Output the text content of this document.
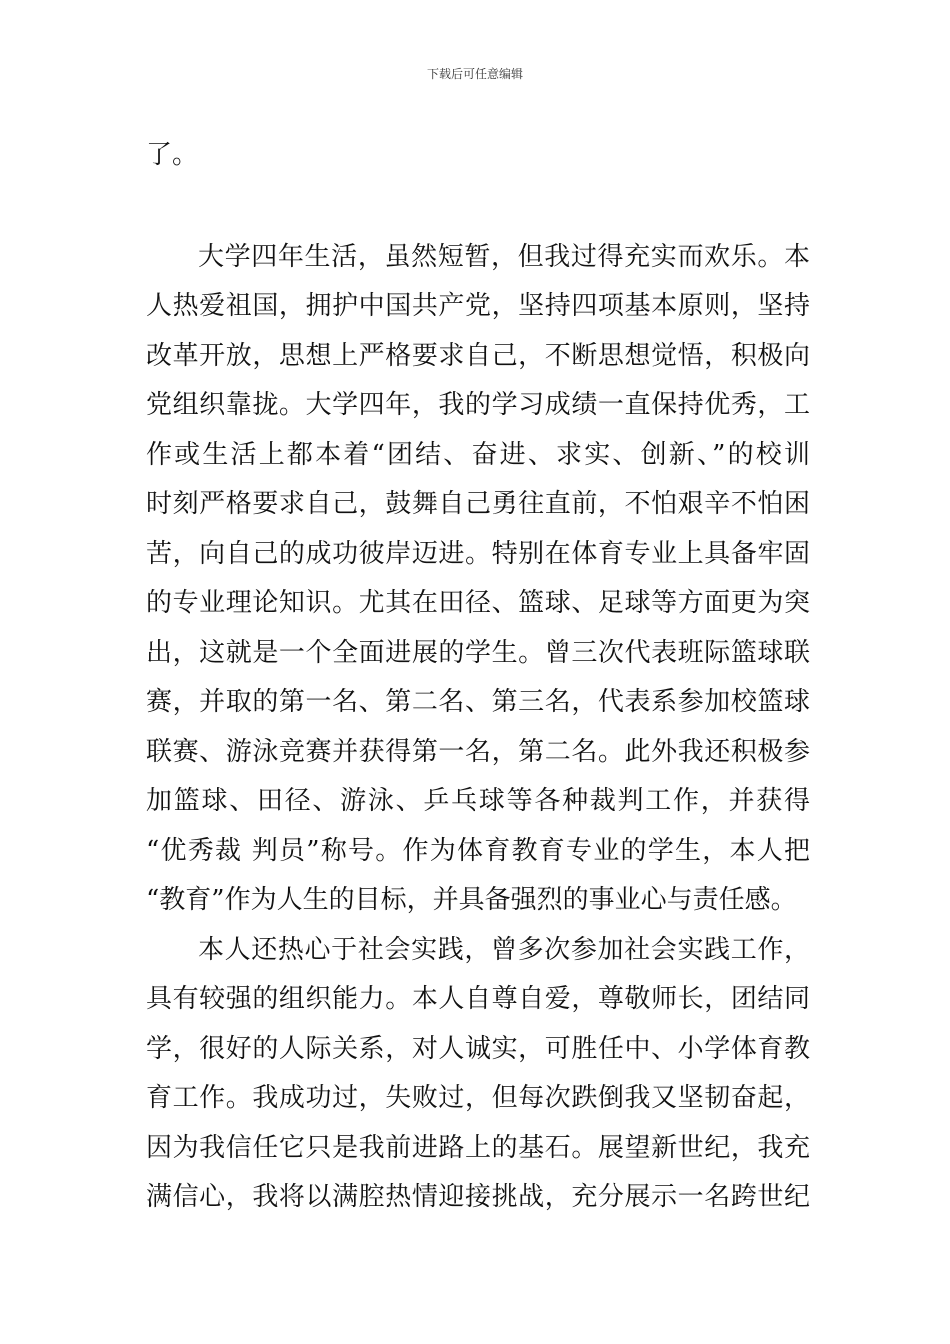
下载后可任意编辑
了。
大学四年生活，虽然短暂，但我过得充实而欢乐。本
人热爱祖国，拥护中国共产党，坚持四项基本原则，坚持
改革开放，思想上严格要求自己，不断思想觉悟，积极向
党组织靠拢。大学四年，我的学习成绩一直保持优秀，工
作或生活上都本着“团结、奋进、求实、创新、”的校训
时刻严格要求自己，鼓舞自己勇往直前，不怕艰辛不怕困
苦，向自己的成功彼岸迈进。特别在体育专业上具备牢固
的专业理论知识。尤其在田径、篮球、足球等方面更为突
出，这就是一个全面进展的学生。曾三次代表班际篮球联
赛，并取的第一名、第二名、第三名，代表系参加校篮球
联赛、游泳竞赛并获得第一名，第二名。此外我还积极参
加篮球、田径、游泳、乒乓球等各种裁判工作，并获得
“优秀裁 判员”称号。作为体育教育专业的学生，本人把
“教育”作为人生的目标，并具备强烈的事业心与责任感。
本人还热心于社会实践，曾多次参加社会实践工作，
具有较强的组织能力。本人自尊自爱，尊敬师长，团结同
学，很好的人际关系，对人诚实，可胜任中、小学体育教
育工作。我成功过，失败过，但每次跌倒我又坚韧奋起，
因为我信任它只是我前进路上的基石。展望新世纪，我充
满信心，我将以满腔热情迎接挑战，充分展示一名跨世纪
